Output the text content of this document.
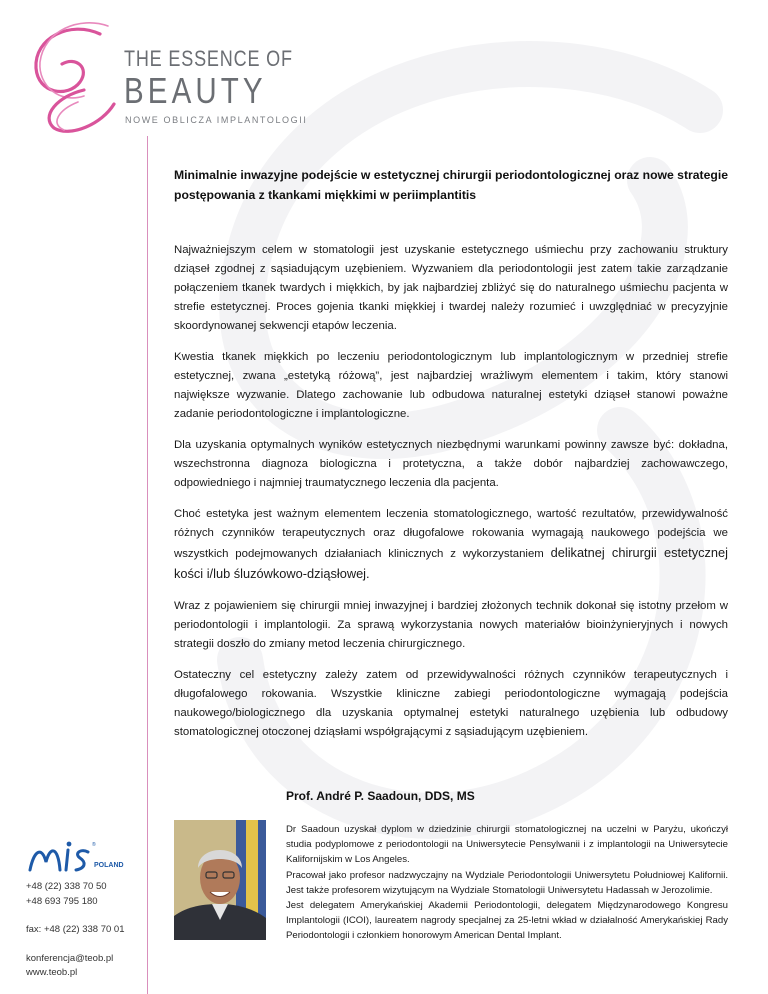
THE ESSENCE OF
BEAUTY
NOWE OBLICZA IMPLANTOLOGII

Minimalnie inwazyjne podejście w estetycznej chirurgii periodontologicznej oraz nowe strategie postępowania z tkankami miękkimi w periimplantitis

Najważniejszym celem w stomatologii jest uzyskanie estetycznego uśmiechu przy zachowaniu struktury dziąseł zgodnej z sąsiadującym uzębieniem. Wyzwaniem dla periodontologii jest zatem takie zarządzanie połączeniem tkanek twardych i miękkich, by jak najbardziej zbliżyć się do naturalnego uśmiechu pacjenta w strefie estetycznej. Proces gojenia tkanki miękkiej i twardej należy rozumieć i uwzględniać w precyzyjnie skoordynowanej sekwencji etapów leczenia.

Kwestia tkanek miękkich po leczeniu periodontologicznym lub implantologicznym w przedniej strefie estetycznej, zwana „estetyką różową”, jest najbardziej wrażliwym elementem i takim, który stanowi największe wyzwanie. Dlatego zachowanie lub odbudowa naturalnej estetyki dziąseł stanowi poważne zadanie periodontologiczne i implantologiczne.

Dla uzyskania optymalnych wyników estetycznych niezbędnymi warunkami powinny zawsze być: dokładna, wszechstronna diagnoza biologiczna i protetyczna, a także dobór najbardziej zachowawczego, odpowiedniego i najmniej traumatycznego leczenia dla pacjenta.

Choć estetyka jest ważnym elementem leczenia stomatologicznego, wartość rezultatów, przewidywalność różnych czynników terapeutycznych oraz długofalowe rokowania wymagają naukowego podejścia we wszystkich podejmowanych działaniach klinicznych z wykorzystaniem delikatnej chirurgii estetycznej kości i/lub śluzówkowo-dziąsłowej.

Wraz z pojawieniem się chirurgii mniej inwazyjnej i bardziej złożonych technik dokonał się istotny przełom w periodontologii i implantologii. Za sprawą wykorzystania nowych materiałów bioinżynieryjnych i nowych strategii doszło do zmiany metod leczenia chirurgicznego.

Ostateczny cel estetyczny zależy zatem od przewidywalności różnych czynników terapeutycznych i długofalowego rokowania. Wszystkie kliniczne zabiegi periodontologiczne wymagają podejścia naukowego/biologicznego dla uzyskania optymalnej estetyki naturalnego uzębienia lub odbudowy stomatologicznej otoczonej dziąsłami współgrającymi z sąsiadującym uzębieniem.

Prof. André P. Saadoun, DDS, MS

Dr Saadoun uzyskał dyplom w dziedzinie chirurgii stomatologicznej na uczelni w Paryżu, ukończył studia podyplomowe z periodontologii na Uniwersytecie Pensylwanii i z implantologii na Uniwersytecie Kalifornijskim w Los Angeles.

Pracował jako profesor nadzwyczajny na Wydziale Periodontologii Uniwersytetu Południowej Kalifornii. Jest także profesorem wizytującym na Wydziale Stomatologii Uniwersytetu Hadassah w Jerozolimie.

Jest delegatem Amerykańskiej Akademii Periodontologii, delegatem Międzynarodowego Kongresu Implantologii (ICOI), laureatem nagrody specjalnej za 25-letni wkład w działalność Amerykańskiej Rady Periodontologii i członkiem honorowym American Dental Implant.

®
POLAND
+48 (22) 338 70 50
+48 693 795 180
fax: +48 (22) 338 70 01
konferencja@teob.pl
www.teob.pl
